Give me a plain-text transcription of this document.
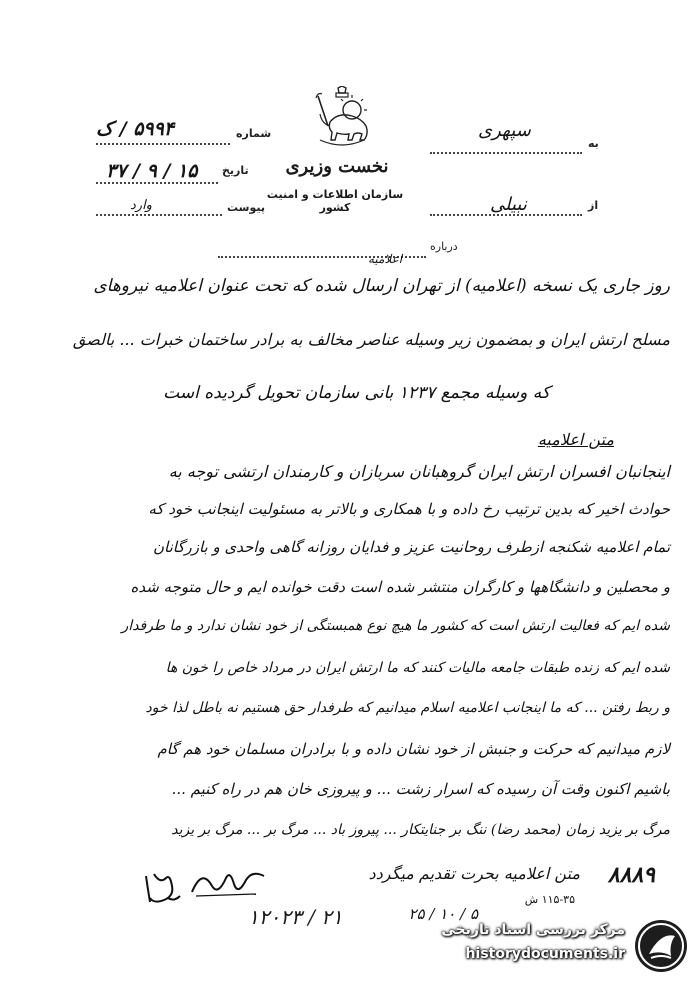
شماره
۵۹۹۴ / ک
تاریخ
۱۵ / ۹ / ۳۷
پیوست
وارد
نخست وزیری
سازمان اطلاعات و امنیت کشور
به
سپهری
از
نبیلی
درباره
اعلامیه
روز جاری یک نسخه (اعلامیه) از تهران ارسال شده که تحت عنوان اعلامیه نیروهای
مسلح ارتش ایران و بمضمون زیر وسیله عناصر مخالف به برادر ساختمان خبرات ... بالصق
که وسیله مجمع ۱۲۳۷ بانی سازمان تحویل گردیده است
متن اعلامیه
اینجانبان افسران ارتش ایران گروهبانان سربازان و کارمندان ارتشی توجه به
حوادث اخیر که بدین ترتیب رخ داده و با همکاری و بالاتر به مسئولیت اینجانب خود که
تمام اعلامیه شکنجه ازطرف روحانیت عزیز و فدایان روزانه گاهی واحدی و بازرگانان
و محصلین و دانشگاهها و کارگران منتشر شده است دقت خوانده ایم و حال متوجه شده
شده ایم که فعالیت ارتش است که کشور ما هیچ نوع همبستگی از خود نشان ندارد و ما طرفدار
شده ایم که زنده طبقات جامعه مالیات کنند که ما ارتش ایران در مرداد خاص را خون ها
و ربط رفتن ... که ما اینجانب اعلامیه اسلام میدانیم که طرفدار حق هستیم نه باطل لذا خود
لازم میدانیم که حرکت و جنبش از خود نشان داده و با برادران مسلمان خود هم گام
باشیم اکنون وقت آن رسیده که اسرار زشت ... و پیروزی خان هم در راه کنیم ...
مرگ بر یزید زمان (محمد رضا) ننگ بر جنایتکار ... پیروز باد ... مرگ بر ... مرگ بر یزید
متن اعلامیه بحرت تقدیم میگردد
۱۱۵-۳۵ ش
۵ / ۱۰ / ۲۵
۸۸۸۹
۱۲۰۲۳ / ۲۱
مرکز بررسی اسناد تاریخی
historydocuments.ir
